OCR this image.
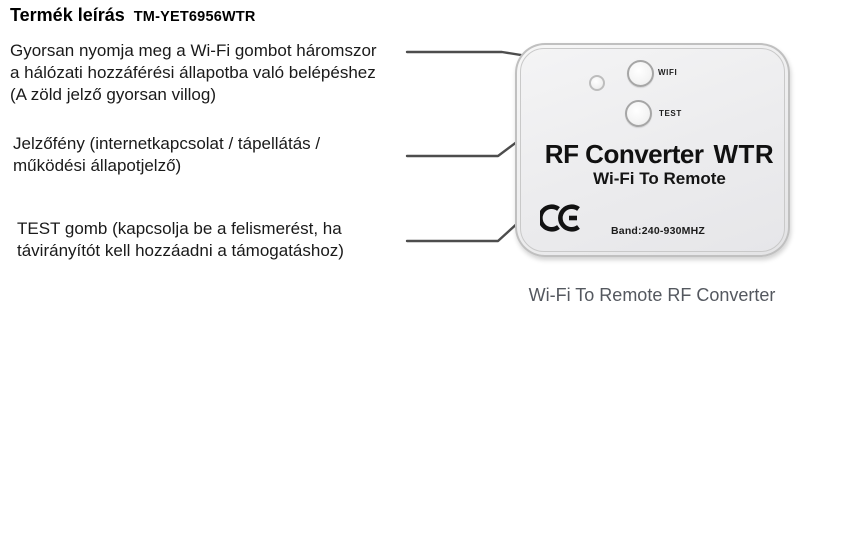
Termék leírás TM-YET6956WTR
Gyorsan nyomja meg a Wi-Fi gombot háromszor
a hálózati hozzáférési állapotba való belépéshez
(A zöld jelző gyorsan villog)
Jelzőfény (internetkapcsolat / tápellátás /
működési állapotjelző)
TEST gomb (kapcsolja be a felismerést, ha
távirányítót kell hozzáadni a támogatáshoz)
WIFI
TEST
RF Converter WTR
Wi-Fi To Remote
Band:240-930MHZ
Wi-Fi To Remote RF Converter
